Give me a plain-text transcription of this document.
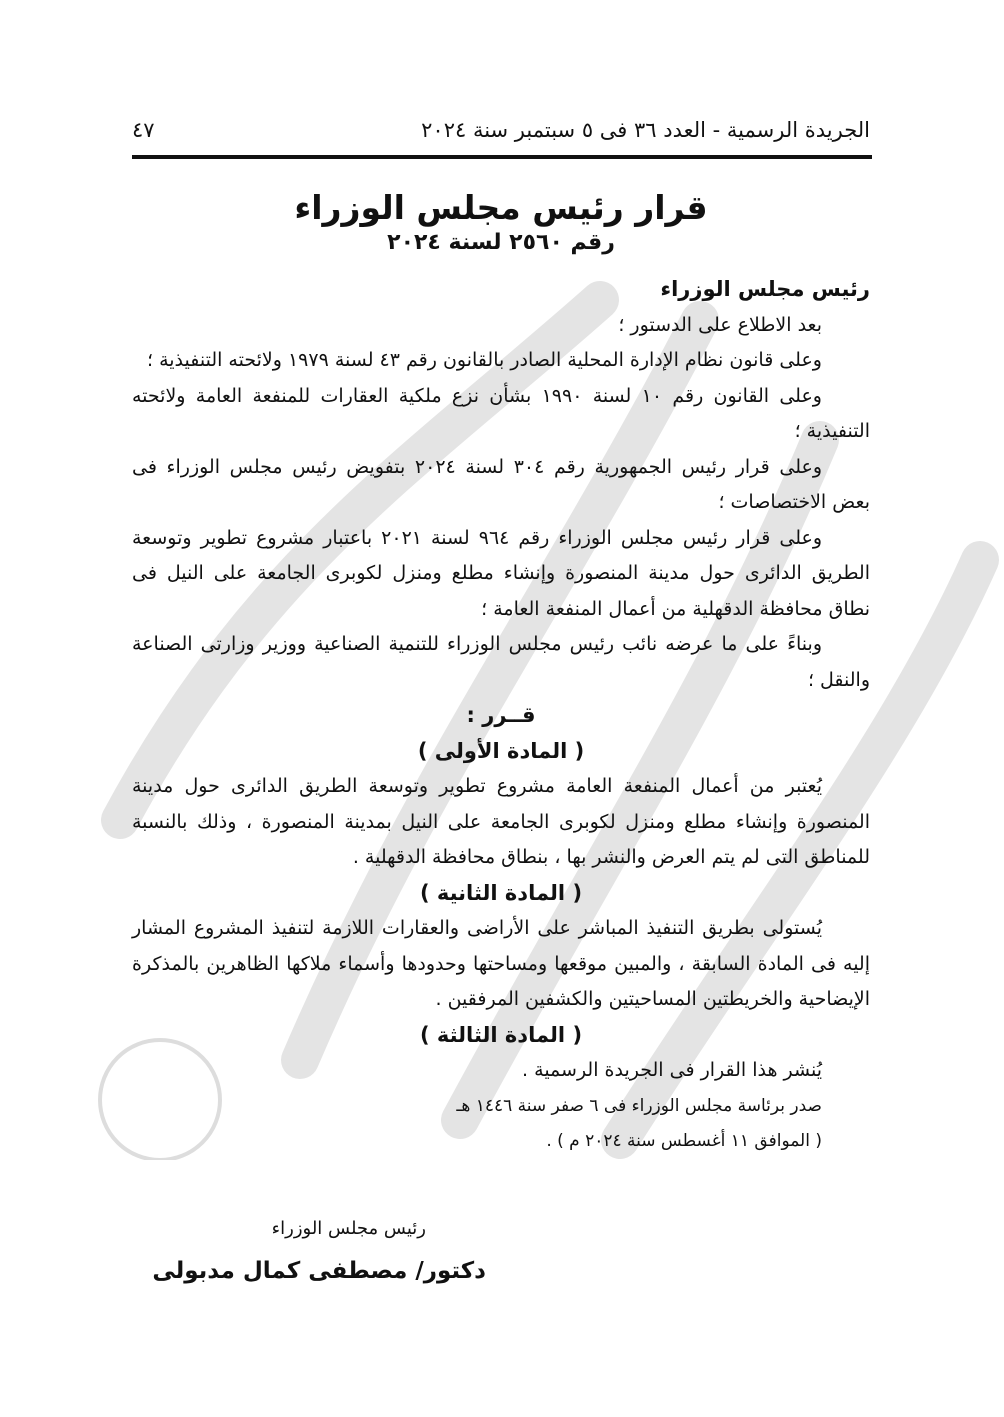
الجريدة الرسمية - العدد ٣٦ فى ٥ سبتمبر سنة ٢٠٢٤
٤٧
قرار رئيس مجلس الوزراء
رقم ٢٥٦٠ لسنة ٢٠٢٤

رئيس مجلس الوزراء

بعد الاطلاع على الدستور ؛

وعلى قانون نظام الإدارة المحلية الصادر بالقانون رقم ٤٣ لسنة ١٩٧٩ ولائحته التنفيذية ؛

وعلى القانون رقم ١٠ لسنة ١٩٩٠ بشأن نزع ملكية العقارات للمنفعة العامة ولائحته التنفيذية ؛

وعلى قرار رئيس الجمهورية رقم ٣٠٤ لسنة ٢٠٢٤ بتفويض رئيس مجلس الوزراء فى بعض الاختصاصات ؛

وعلى قرار رئيس مجلس الوزراء رقم ٩٦٤ لسنة ٢٠٢١ باعتبار مشروع تطوير وتوسعة الطريق الدائرى حول مدينة المنصورة وإنشاء مطلع ومنزل لكوبرى الجامعة على النيل فى نطاق محافظة الدقهلية من أعمال المنفعة العامة ؛

وبناءً على ما عرضه نائب رئيس مجلس الوزراء للتنمية الصناعية ووزير وزارتى الصناعة والنقل ؛

قــرر :

( المادة الأولى )

يُعتبر من أعمال المنفعة العامة مشروع تطوير وتوسعة الطريق الدائرى حول مدينة المنصورة وإنشاء مطلع ومنزل لكوبرى الجامعة على النيل بمدينة المنصورة ، وذلك بالنسبة للمناطق التى لم يتم العرض والنشر بها ، بنطاق محافظة الدقهلية .

( المادة الثانية )

يُستولى بطريق التنفيذ المباشر على الأراضى والعقارات اللازمة لتنفيذ المشروع المشار إليه فى المادة السابقة ، والمبين موقعها ومساحتها وحدودها وأسماء ملاكها الظاهرين بالمذكرة الإيضاحية والخريطتين المساحيتين والكشفين المرفقين .

( المادة الثالثة )

يُنشر هذا القرار فى الجريدة الرسمية .

صدر برئاسة مجلس الوزراء فى ٦ صفر سنة ١٤٤٦ هـ

( الموافق ١١ أغسطس سنة ٢٠٢٤ م ) .

رئيس مجلس الوزراء
دكتور/ مصطفى كمال مدبولى
